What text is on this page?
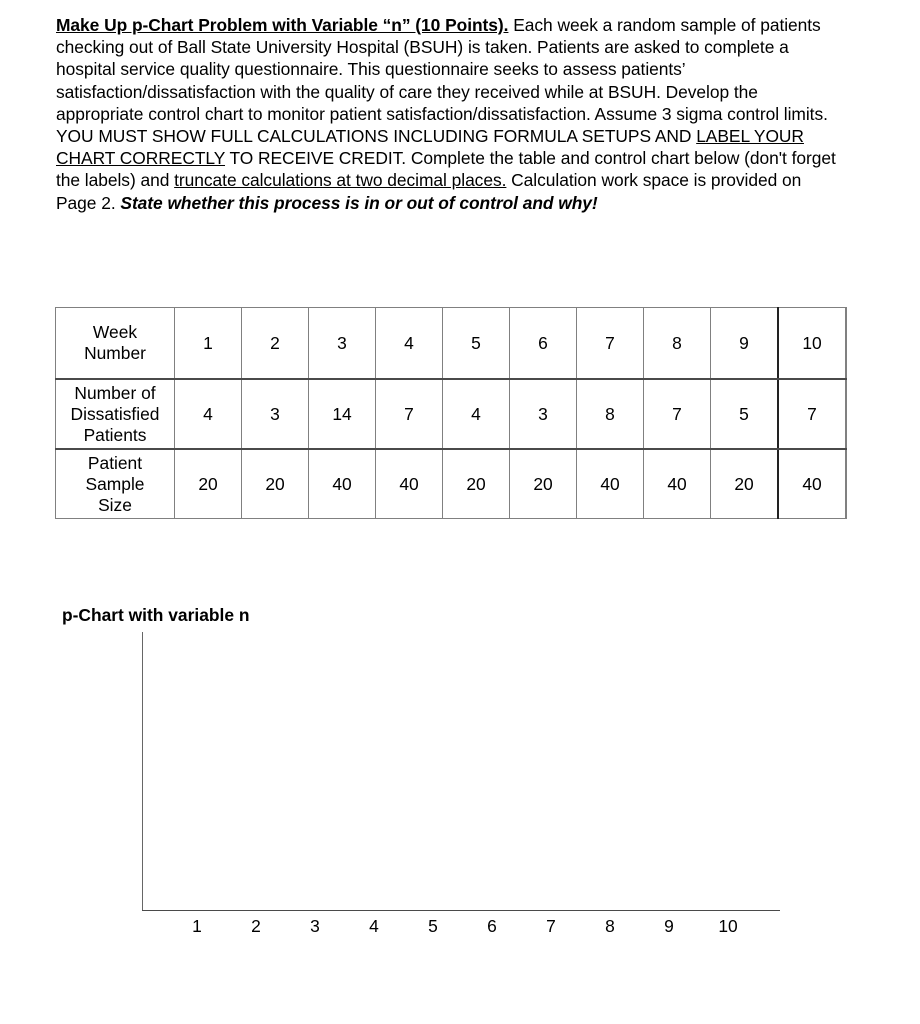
Make Up p-Chart Problem with Variable “n” (10 Points). Each week a random sample of patients checking out of Ball State University Hospital (BSUH) is taken. Patients are asked to complete a hospital service quality questionnaire. This questionnaire seeks to assess patients’ satisfaction/dissatisfaction with the quality of care they received while at BSUH. Develop the appropriate control chart to monitor patient satisfaction/dissatisfaction. Assume 3 sigma control limits. YOU MUST SHOW FULL CALCULATIONS INCLUDING FORMULA SETUPS AND LABEL YOUR CHART CORRECTLY TO RECEIVE CREDIT. Complete the table and control chart below (don't forget the labels) and truncate calculations at two decimal places. Calculation work space is provided on Page 2. State whether this process is in or out of control and why!
Week
Number	1	2	3	4	5	6	7	8	9	10

Number of
Dissatisfied
Patients	4	3	14	7	4	3	8	7	5	7

Patient
Sample
Size	20	20	40	40	20	20	40	40	20	40
p-Chart with variable n
1	2	3	4	5	6	7	8	9	10
